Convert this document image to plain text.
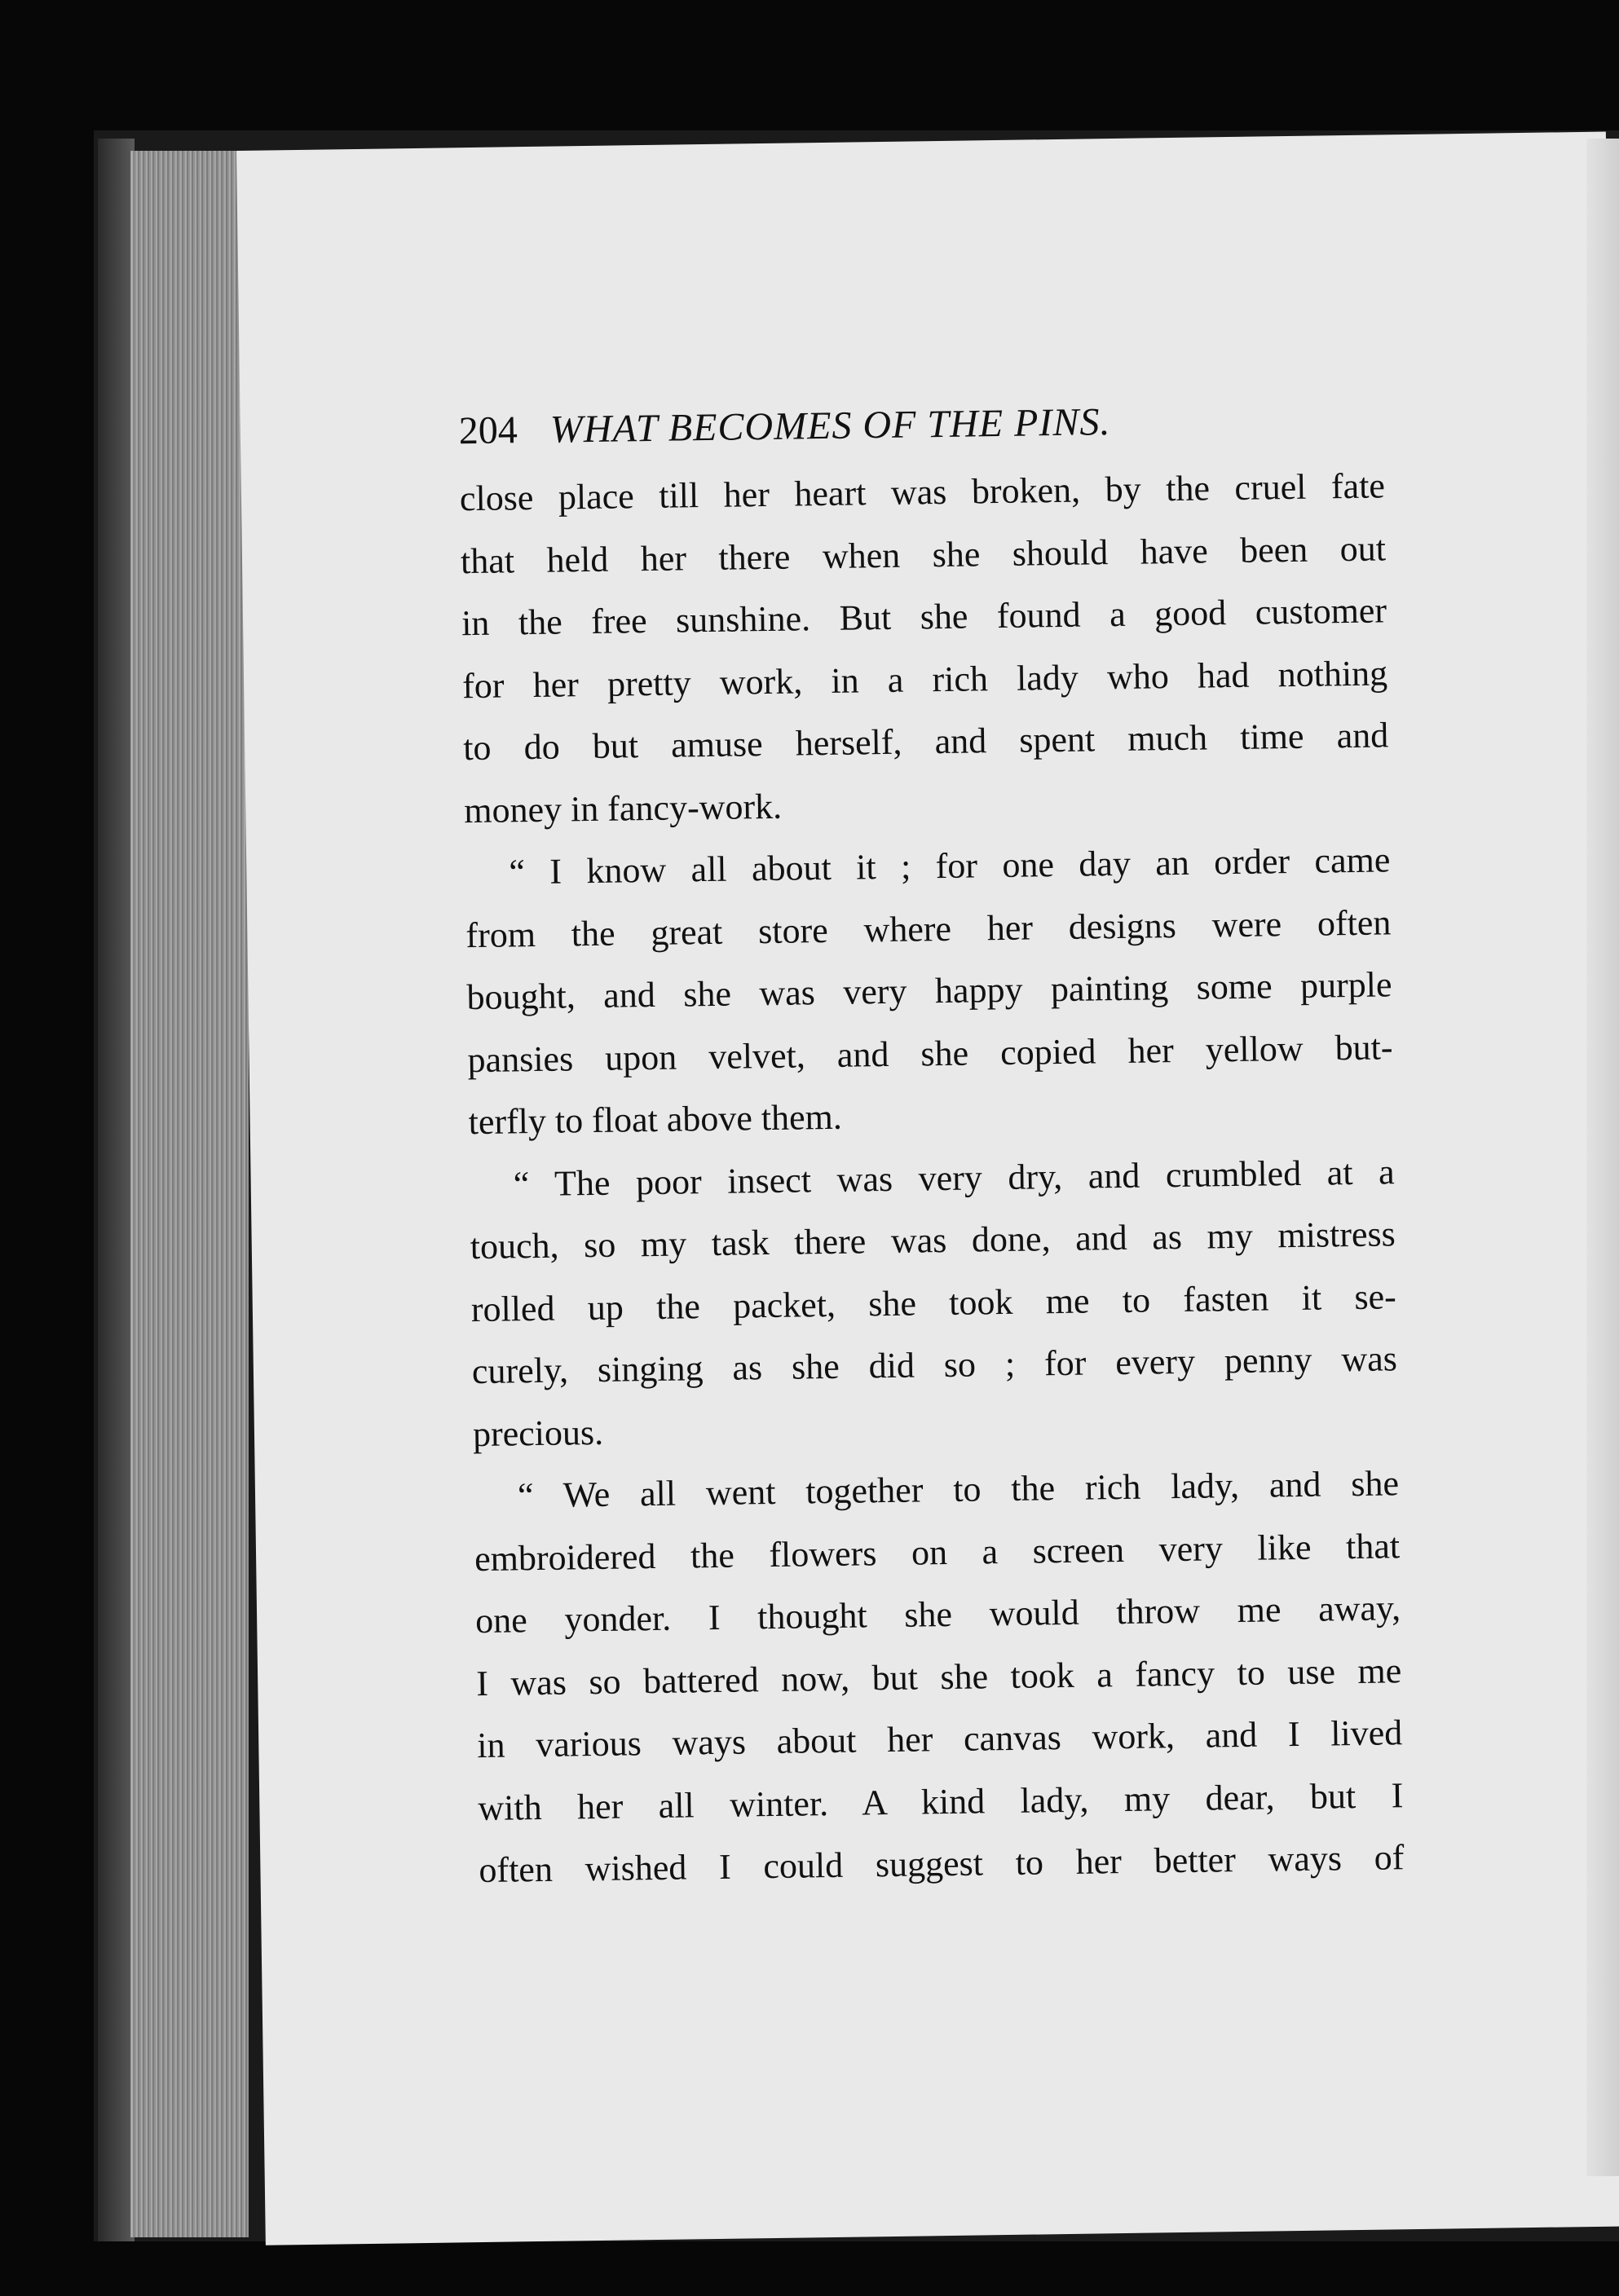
204 WHAT BECOMES OF THE PINS.
close place till her heart was broken, by the cruel fate
that held her there when she should have been out
in the free sunshine. But she found a good customer
for her pretty work, in a rich lady who had nothing
to do but amuse herself, and spent much time and
money in fancy-work.
“ I know all about it ; for one day an order came
from the great store where her designs were often
bought, and she was very happy painting some purple
pansies upon velvet, and she copied her yellow but-
terfly to float above them.
“ The poor insect was very dry, and crumbled at a
touch, so my task there was done, and as my mistress
rolled up the packet, she took me to fasten it se-
curely, singing as she did so ; for every penny was
precious.
“ We all went together to the rich lady, and she
embroidered the flowers on a screen very like that
one yonder. I thought she would throw me away,
I was so battered now, but she took a fancy to use me
in various ways about her canvas work, and I lived
with her all winter. A kind lady, my dear, but I
often wished I could suggest to her better ways of
